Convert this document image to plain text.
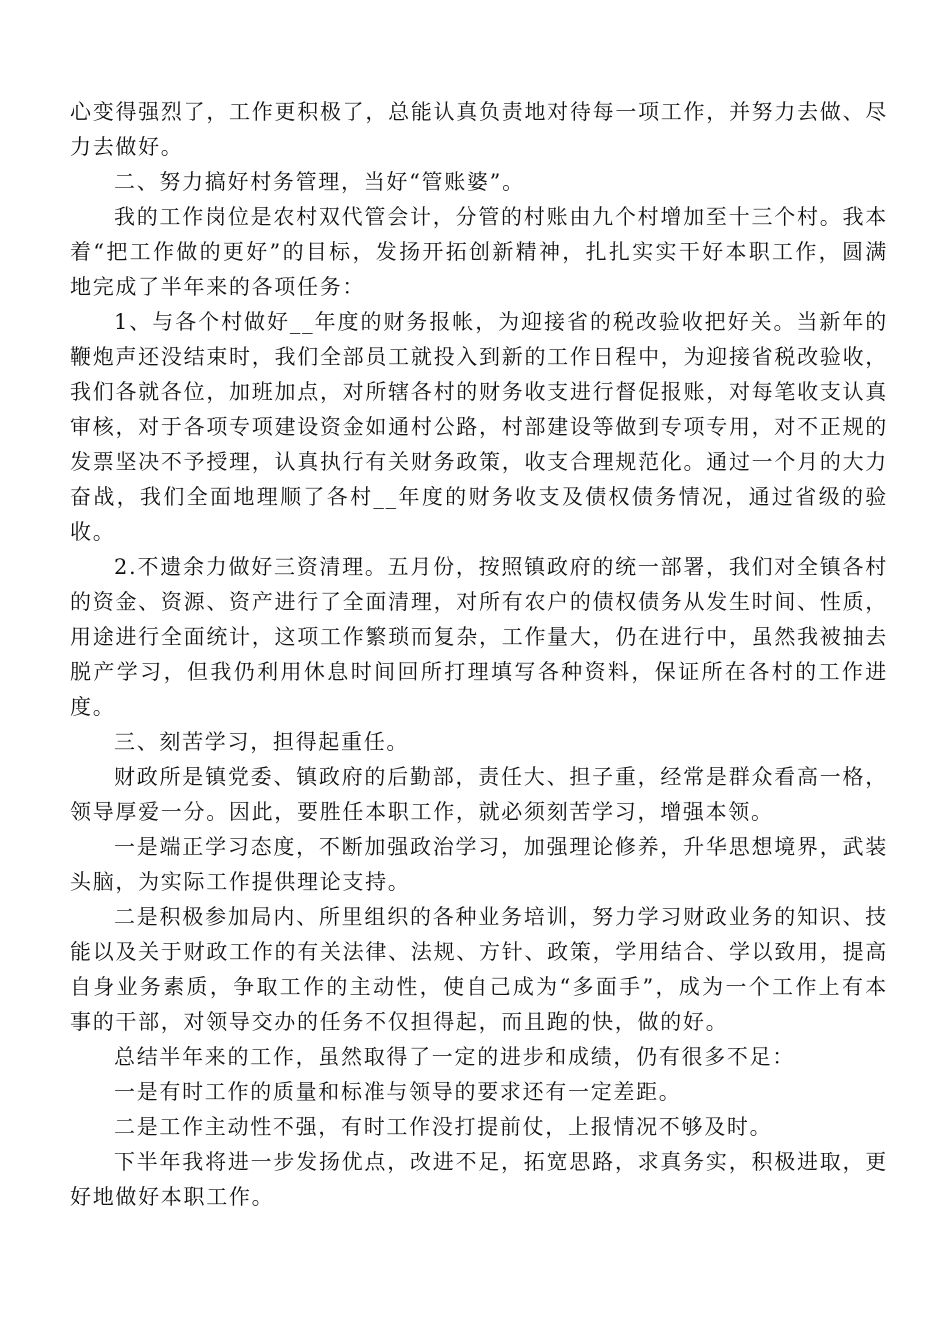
心变得强烈了，工作更积极了，总能认真负责地对待每一项工作，并努力去做、尽力去做好。

二、努力搞好村务管理，当好“管账婆”。

我的工作岗位是农村双代管会计，分管的村账由九个村增加至十三个村。我本着“把工作做的更好”的目标，发扬开拓创新精神，扎扎实实干好本职工作，圆满地完成了半年来的各项任务：

1、与各个村做好__年度的财务报帐，为迎接省的税改验收把好关。当新年的鞭炮声还没结束时，我们全部员工就投入到新的工作日程中，为迎接省税改验收，我们各就各位，加班加点，对所辖各村的财务收支进行督促报账，对每笔收支认真审核，对于各项专项建设资金如通村公路，村部建设等做到专项专用，对不正规的发票坚决不予授理，认真执行有关财务政策，收支合理规范化。通过一个月的大力奋战，我们全面地理顺了各村__年度的财务收支及债权债务情况，通过省级的验收。

2.不遗余力做好三资清理。五月份，按照镇政府的统一部署，我们对全镇各村的资金、资源、资产进行了全面清理，对所有农户的债权债务从发生时间、性质，用途进行全面统计，这项工作繁琐而复杂，工作量大，仍在进行中，虽然我被抽去脱产学习，但我仍利用休息时间回所打理填写各种资料，保证所在各村的工作进度。

三、刻苦学习，担得起重任。

财政所是镇党委、镇政府的后勤部，责任大、担子重，经常是群众看高一格，领导厚爱一分。因此，要胜任本职工作，就必须刻苦学习，增强本领。

一是端正学习态度，不断加强政治学习，加强理论修养，升华思想境界，武装头脑，为实际工作提供理论支持。

二是积极参加局内、所里组织的各种业务培训，努力学习财政业务的知识、技能以及关于财政工作的有关法律、法规、方针、政策，学用结合、学以致用，提高自身业务素质，争取工作的主动性，使自己成为“多面手”，成为一个工作上有本事的干部，对领导交办的任务不仅担得起，而且跑的快，做的好。

总结半年来的工作，虽然取得了一定的进步和成绩，仍有很多不足：

一是有时工作的质量和标准与领导的要求还有一定差距。

二是工作主动性不强，有时工作没打提前仗，上报情况不够及时。

下半年我将进一步发扬优点，改进不足，拓宽思路，求真务实，积极进取，更好地做好本职工作。
